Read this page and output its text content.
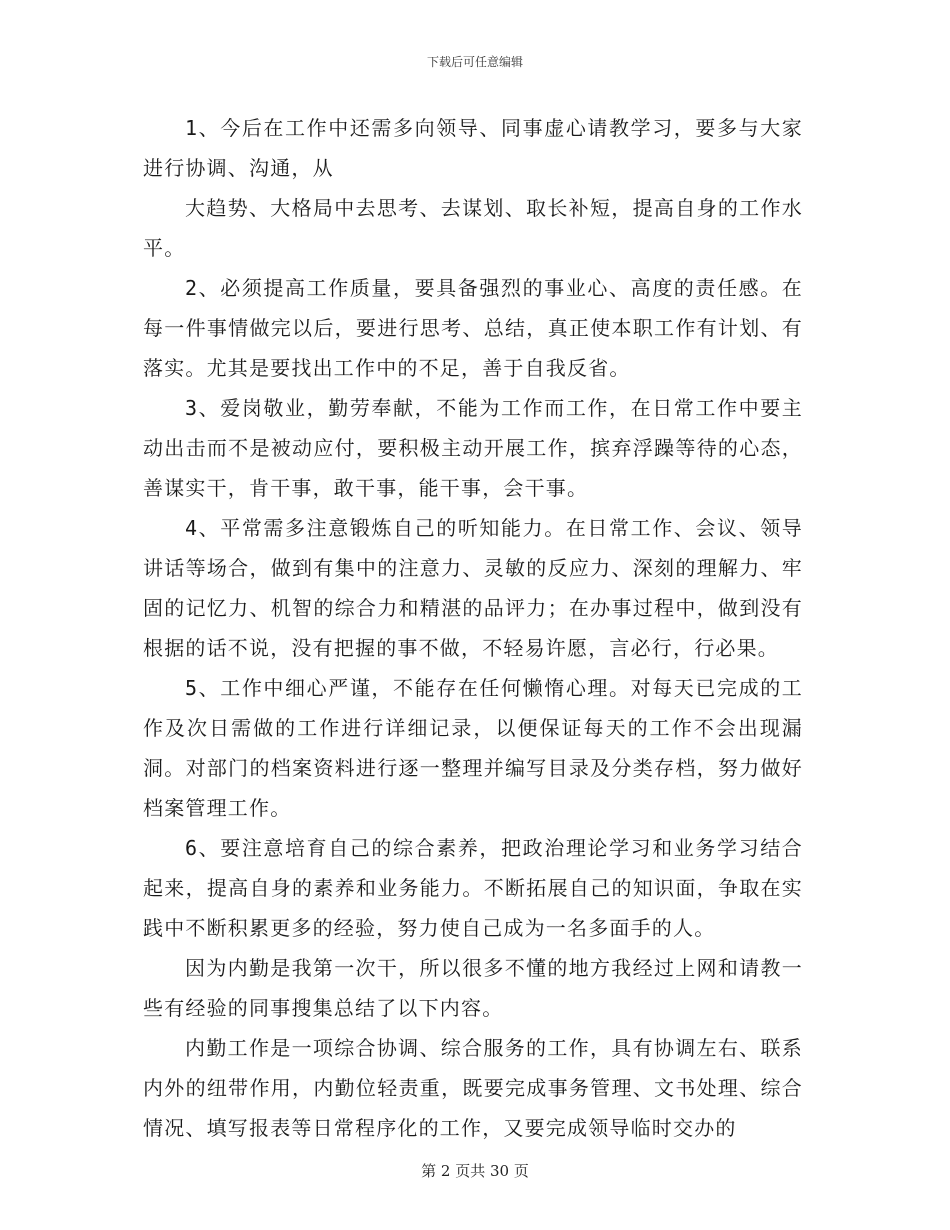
下载后可任意编辑

1、今后在工作中还需多向领导、同事虚心请教学习，要多与大家进行协调、沟通，从

大趋势、大格局中去思考、去谋划、取长补短，提高自身的工作水平。

2、必须提高工作质量，要具备强烈的事业心、高度的责任感。在每一件事情做完以后，要进行思考、总结，真正使本职工作有计划、有落实。尤其是要找出工作中的不足，善于自我反省。

3、爱岗敬业，勤劳奉献，不能为工作而工作，在日常工作中要主动出击而不是被动应付，要积极主动开展工作，摈弃浮躁等待的心态，善谋实干，肯干事，敢干事，能干事，会干事。

4、平常需多注意锻炼自己的听知能力。在日常工作、会议、领导讲话等场合，做到有集中的注意力、灵敏的反应力、深刻的理解力、牢固的记忆力、机智的综合力和精湛的品评力；在办事过程中，做到没有根据的话不说，没有把握的事不做，不轻易许愿，言必行，行必果。

5、工作中细心严谨，不能存在任何懒惰心理。对每天已完成的工作及次日需做的工作进行详细记录，以便保证每天的工作不会出现漏洞。对部门的档案资料进行逐一整理并编写目录及分类存档，努力做好档案管理工作。

6、要注意培育自己的综合素养，把政治理论学习和业务学习结合起来，提高自身的素养和业务能力。不断拓展自己的知识面，争取在实践中不断积累更多的经验，努力使自己成为一名多面手的人。

因为内勤是我第一次干，所以很多不懂的地方我经过上网和请教一些有经验的同事搜集总结了以下内容。

内勤工作是一项综合协调、综合服务的工作，具有协调左右、联系内外的纽带作用，内勤位轻责重，既要完成事务管理、文书处理、综合情况、填写报表等日常程序化的工作，又要完成领导临时交办的

第 2 页共 30 页
